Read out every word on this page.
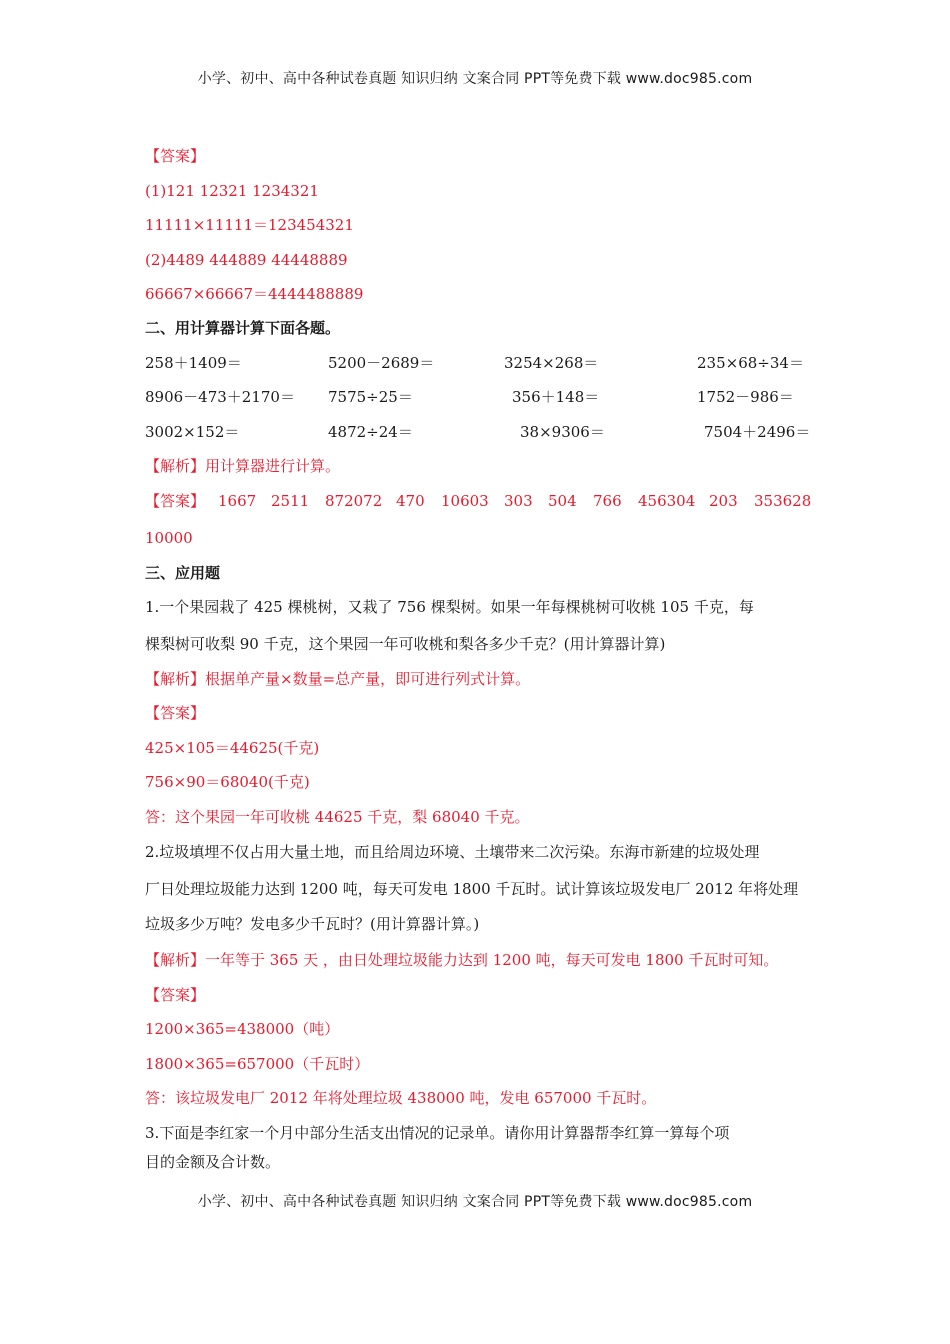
小学、初中、高中各种试卷真题 知识归纳 文案合同 PPT等免费下载 www.doc985.com
【答案】
(1)121 12321 1234321
11111×11111＝123454321
(2)4489 444889 44448889
66667×66667＝4444488889
二、用计算器计算下面各题。
258＋1409＝	5200－2689＝	3254×268＝	235×68÷34＝
8906－473＋2170＝ 7575÷25＝	356＋148＝	1752－986＝
3002×152＝	4872÷24＝	38×9306＝	7504＋2496＝
【解析】用计算器进行计算。
【答案】 1667 2511 872072 470 10603 303 504 766 456304 203 353628
10000
三、应用题
1.一个果园栽了 425 棵桃树，又栽了 756 棵梨树。如果一年每棵桃树可收桃 105 千克，每
棵梨树可收梨 90 千克，这个果园一年可收桃和梨各多少千克？(用计算器计算)
【解析】根据单产量×数量=总产量，即可进行列式计算。
【答案】
425×105＝44625(千克)
756×90＝68040(千克)
答：这个果园一年可收桃 44625 千克，梨 68040 千克。
2.垃圾填埋不仅占用大量土地，而且给周边环境、土壤带来二次污染。东海市新建的垃圾处理
厂日处理垃圾能力达到 1200 吨，每天可发电 1800 千瓦时。试计算该垃圾发电厂 2012 年将处理
垃圾多少万吨？发电多少千瓦时？(用计算器计算。)
【解析】一年等于 365 天 ，由日处理垃圾能力达到 1200 吨，每天可发电 1800 千瓦时可知。
【答案】
1200×365=438000（吨）
1800×365=657000（千瓦时）
答：该垃圾发电厂 2012 年将处理垃圾 438000 吨，发电 657000 千瓦时。
3.下面是李红家一个月中部分生活支出情况的记录单。请你用计算器帮李红算一算每个项
目的金额及合计数。
小学、初中、高中各种试卷真题 知识归纳 文案合同 PPT等免费下载 www.doc985.com
